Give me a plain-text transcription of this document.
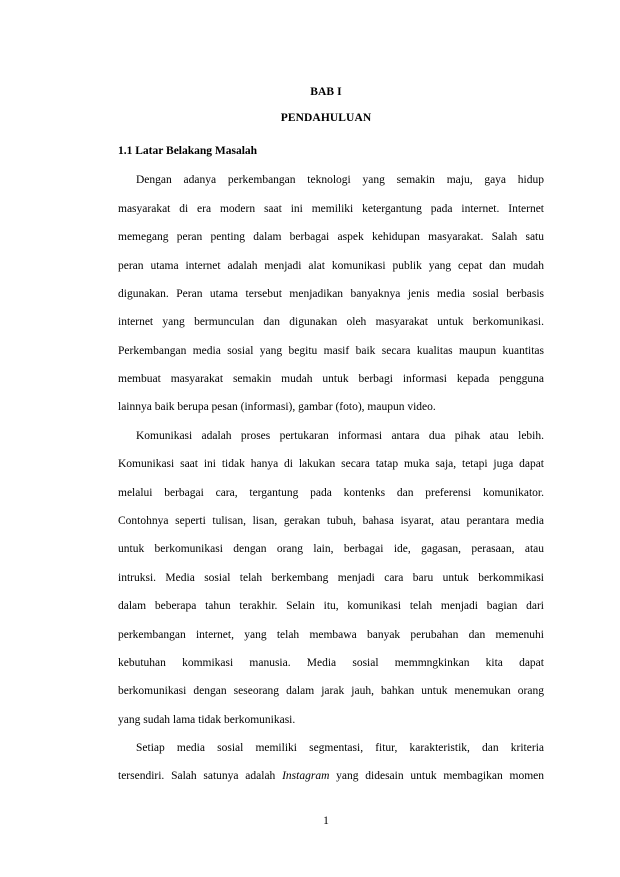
BAB I
PENDAHULUAN
1.1 Latar Belakang Masalah
Dengan adanya perkembangan teknologi yang semakin maju, gaya hidup
masyarakat di era modern saat ini memiliki ketergantung pada internet. Internet
memegang peran penting dalam berbagai aspek kehidupan masyarakat. Salah satu
peran utama internet adalah menjadi alat komunikasi publik yang cepat dan mudah
digunakan. Peran utama tersebut menjadikan banyaknya jenis media sosial berbasis
internet yang bermunculan dan digunakan oleh masyarakat untuk berkomunikasi.
Perkembangan media sosial yang begitu masif baik secara kualitas maupun kuantitas
membuat masyarakat semakin mudah untuk berbagi informasi kepada pengguna
lainnya baik berupa pesan (informasi), gambar (foto), maupun video.
Komunikasi adalah proses pertukaran informasi antara dua pihak atau lebih.
Komunikasi saat ini tidak hanya di lakukan secara tatap muka saja, tetapi juga dapat
melalui berbagai cara, tergantung pada kontenks dan preferensi komunikator.
Contohnya seperti tulisan, lisan, gerakan tubuh, bahasa isyarat, atau perantara media
untuk berkomunikasi dengan orang lain, berbagai ide, gagasan, perasaan, atau
intruksi. Media sosial telah berkembang menjadi cara baru untuk berkommikasi
dalam beberapa tahun terakhir. Selain itu, komunikasi telah menjadi bagian dari
perkembangan internet, yang telah membawa banyak perubahan dan memenuhi
kebutuhan kommikasi manusia. Media sosial memmngkinkan kita dapat
berkomunikasi dengan seseorang dalam jarak jauh, bahkan untuk menemukan orang
yang sudah lama tidak berkomunikasi.
Setiap media sosial memiliki segmentasi, fitur, karakteristik, dan kriteria
tersendiri. Salah satunya adalah Instagram yang didesain untuk membagikan momen
1
